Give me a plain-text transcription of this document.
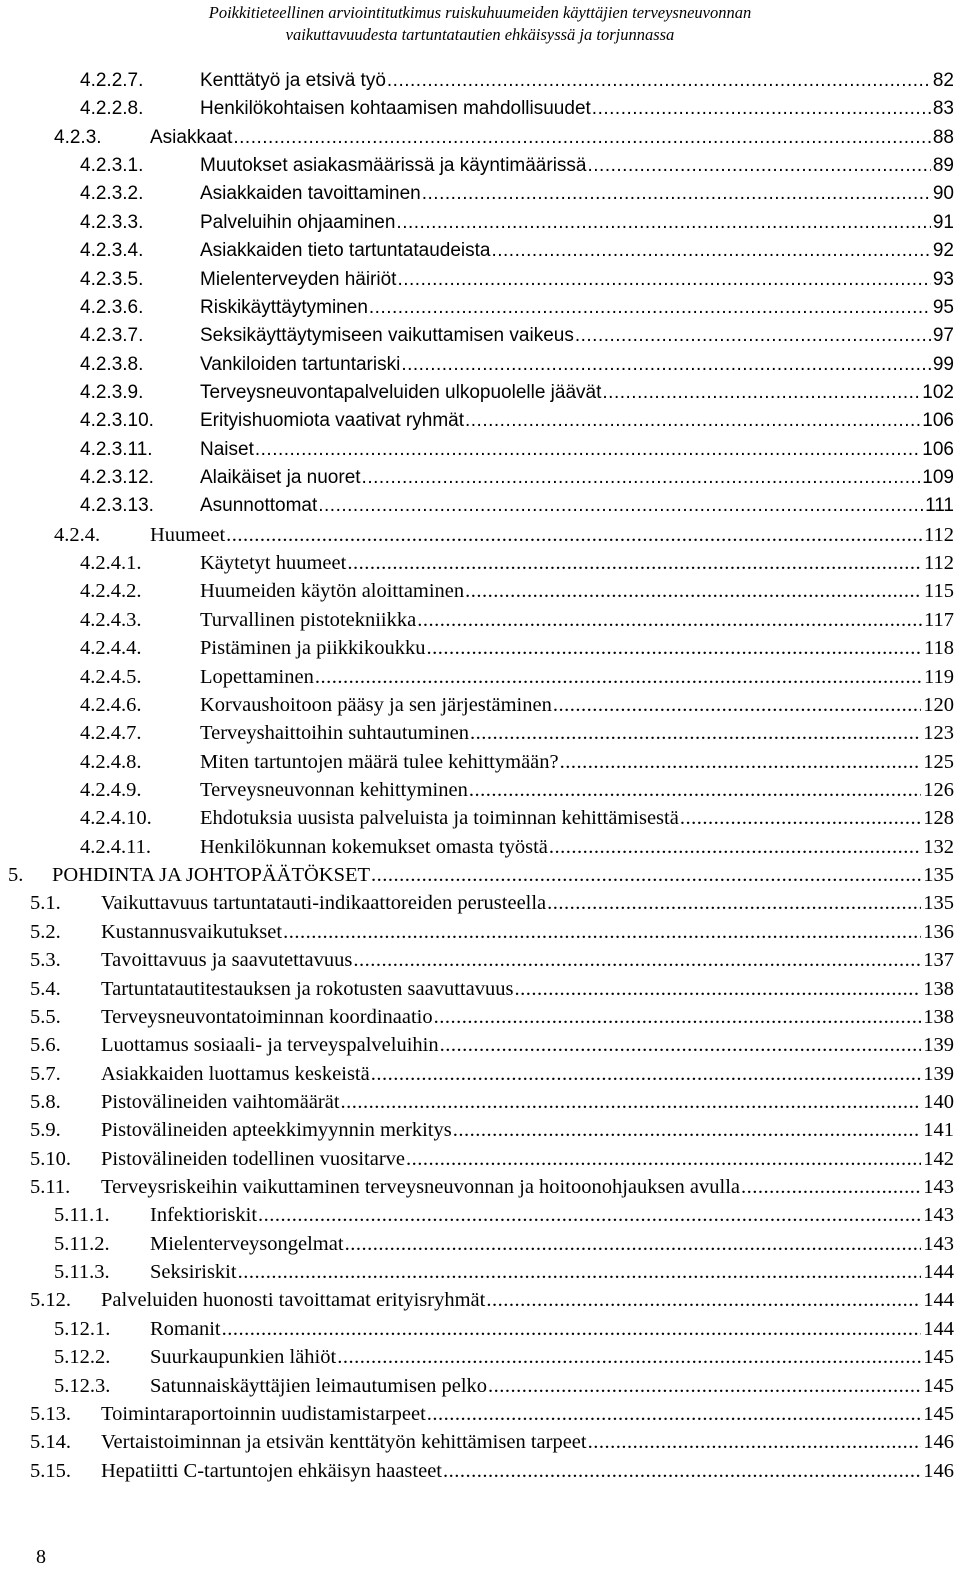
Poikkitieteellinen arviointitutkimus ruiskuhuumeiden käyttäjien terveysneuvonnan
vaikuttavuudesta tartuntatautien ehkäisyssä ja torjunnassa
4.2.2.7.	Kenttätyö ja etsivä työ .....	82
4.2.2.8.	Henkilökohtaisen kohtaamisen mahdollisuudet .....	83
4.2.3.	Asiakkaat .....	88
4.2.3.1.	Muutokset asiakasmäärissä ja käyntimäärissä .....	89
4.2.3.2.	Asiakkaiden tavoittaminen .....	90
4.2.3.3.	Palveluihin ohjaaminen .....	91
4.2.3.4.	Asiakkaiden tieto tartuntataudeista .....	92
4.2.3.5.	Mielenterveyden häiriöt .....	93
4.2.3.6.	Riskikäyttäytyminen .....	95
4.2.3.7.	Seksikäyttäytymiseen vaikuttamisen vaikeus .....	97
4.2.3.8.	Vankiloiden tartuntariski .....	99
4.2.3.9.	Terveysneuvontapalveluiden ulkopuolelle jäävät .....	102
4.2.3.10. Erityishuomiota vaativat ryhmät .....	106
4.2.3.11. Naiset .....	106
4.2.3.12. Alaikäiset ja nuoret .....	109
4.2.3.13. Asunnottomat .....	111
4.2.4. Huumeet .....	112
4.2.4.1.	Käytetyt huumeet .....	112
4.2.4.2.	Huumeiden käytön aloittaminen .....	115
4.2.4.3.	Turvallinen pistotekniikka .....	117
4.2.4.4.	Pistäminen ja piikkikoukku .....	118
4.2.4.5.	Lopettaminen .....	119
4.2.4.6.	Korvaushoitoon pääsy ja sen järjestäminen .....	120
4.2.4.7.	Terveyshaittoihin suhtautuminen .....	123
4.2.4.8.	Miten tartuntojen määrä tulee kehittymään? .....	125
4.2.4.9.	Terveysneuvonnan kehittyminen .....	126
4.2.4.10. Ehdotuksia uusista palveluista ja toiminnan kehittämisestä .....	128
4.2.4.11. Henkilökunnan kokemukset omasta työstä .....	132
5. POHDINTA JA JOHTOPÄÄTÖKSET .....	135
5.1. Vaikuttavuus tartuntatauti-indikaattoreiden perusteella .....	135
5.2. Kustannusvaikutukset .....	136
5.3. Tavoittavuus ja saavutettavuus .....	137
5.4. Tartuntatautitestauksen ja rokotusten saavuttavuus .....	138
5.5. Terveysneuvontatoiminnan koordinaatio .....	138
5.6. Luottamus sosiaali- ja terveyspalveluihin .....	139
5.7. Asiakkaiden luottamus keskeistä .....	139
5.8. Pistovälineiden vaihtomäärät .....	140
5.9. Pistovälineiden apteekkimyynnin merkitys .....	141
5.10. Pistovälineiden todellinen vuositarve .....	142
5.11. Terveysriskeihin vaikuttaminen terveysneuvonnan ja hoitoonohjauksen avulla .....	143
5.11.1. Infektioriskit .....	143
5.11.2. Mielenterveysongelmat .....	143
5.11.3. Seksiriskit .....	144
5.12. Palveluiden huonosti tavoittamat erityisryhmät .....	144
5.12.1. Romanit .....	144
5.12.2. Suurkaupunkien lähiöt .....	145
5.12.3. Satunnaiskäyttäjien leimautumisen pelko .....	145
5.13. Toimintaraportoinnin uudistamistarpeet .....	145
5.14. Vertaistoiminnan ja etsivän kenttätyön kehittämisen tarpeet .....	146
5.15. Hepatiitti C-tartuntojen ehkäisyn haasteet .....	146
8
